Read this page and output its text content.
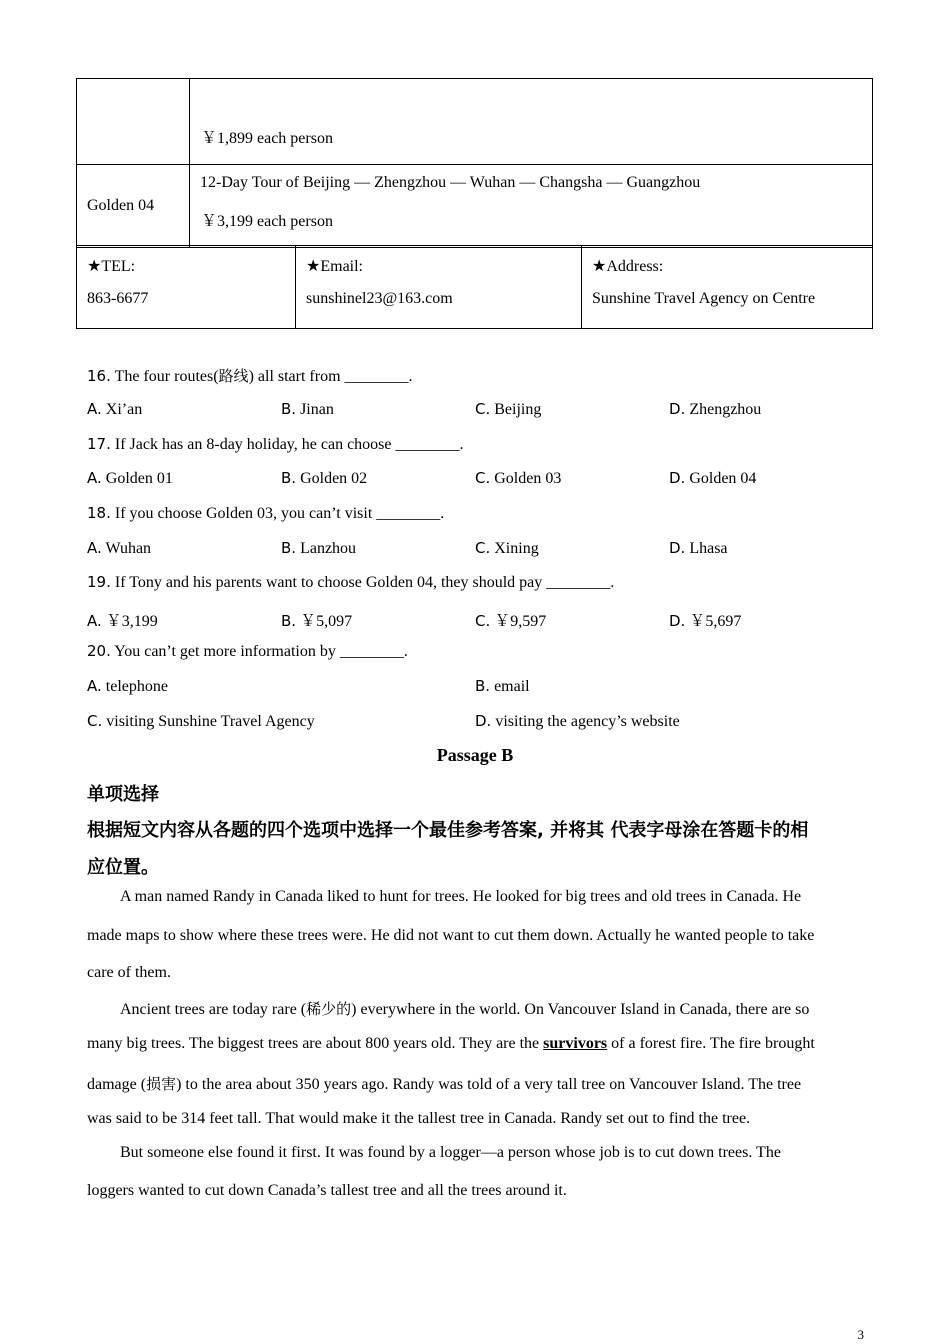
	￥1,899 each person

Golden 04	12-Day Tour of Beijing — Zhengzhou — Wuhan — Changsha — Guangzhou
￥3,199 each person
★TEL:
863-6677

★Email:
sunshinel23@163.com

★Address:
Sunshine Travel Agency on Centre
16. The four routes(路线) all start from ________.
A. Xi’an	B. Jinan	C. Beijing	D. Zhengzhou
17. If Jack has an 8-day holiday, he can choose ________.
A. Golden 01	B. Golden 02	C. Golden 03	D. Golden 04
18. If you choose Golden 03, you can’t visit ________.
A. Wuhan	B. Lanzhou	C. Xining	D. Lhasa
19. If Tony and his parents want to choose Golden 04, they should pay ________.
A. ￥3,199	B. ￥5,097	C. ￥9,597	D. ￥5,697
20. You can’t get more information by ________.
A. telephone	B. email
C. visiting Sunshine Travel Agency	D. visiting the agency’s website
Passage B
单项选择
根据短文内容从各题的四个选项中选择一个最佳参考答案, 并将其 代表字母涂在答题卡的相
应位置。
A man named Randy in Canada liked to hunt for trees. He looked for big trees and old trees in Canada. He
made maps to show where these trees were. He did not want to cut them down. Actually he wanted people to take
care of them.
Ancient trees are today rare (稀少的) everywhere in the world. On Vancouver Island in Canada, there are so
many big trees. The biggest trees are about 800 years old. They are the survivors of a forest fire. The fire brought
damage (损害) to the area about 350 years ago. Randy was told of a very tall tree on Vancouver Island. The tree
was said to be 314 feet tall. That would make it the tallest tree in Canada. Randy set out to find the tree.
But someone else found it first. It was found by a logger—a person whose job is to cut down trees. The
loggers wanted to cut down Canada’s tallest tree and all the trees around it.
3
